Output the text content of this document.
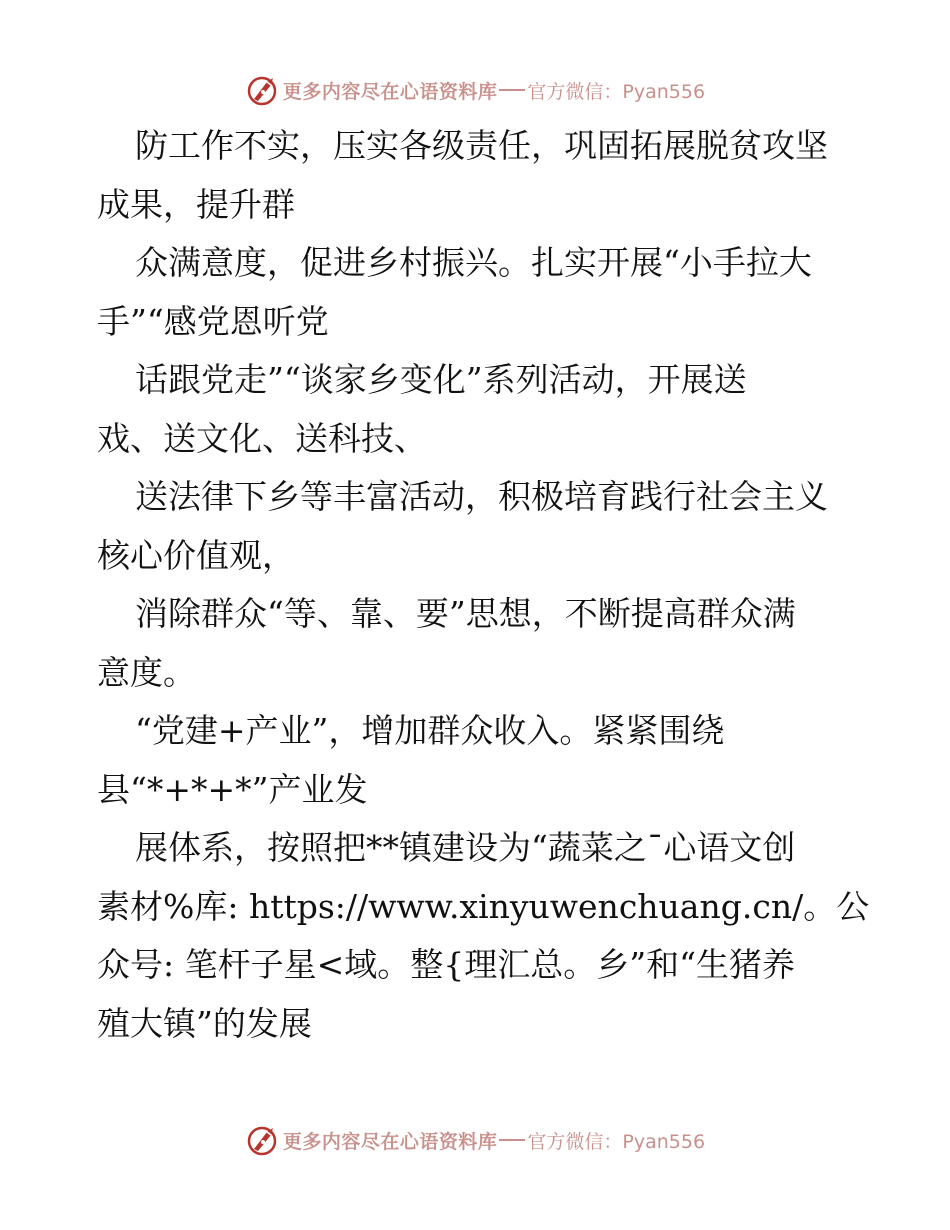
更多内容尽在心语资料库 官方微信：Pyan556
防工作不实，压实各级责任，巩固拓展脱贫攻坚
成果，提升群
众满意度，促进乡村振兴。扎实开展“小手拉大
手”“感党恩听党
话跟党走”“谈家乡变化”系列活动，开展送
戏、送文化、送科技、
送法律下乡等丰富活动，积极培育践行社会主义
核心价值观，
消除群众“等、靠、要”思想，不断提高群众满
意度。
“党建+产业”，增加群众收入。紧紧围绕
县“*+*+*”产业发
展体系，按照把**镇建设为“蔬菜之¯心语文创
素材%库: https://www.xinyuwenchuang.cn/。公
众号: 笔杆子星<域。整{理汇总。乡”和“生猪养
殖大镇”的发展
更多内容尽在心语资料库 官方微信：Pyan556
